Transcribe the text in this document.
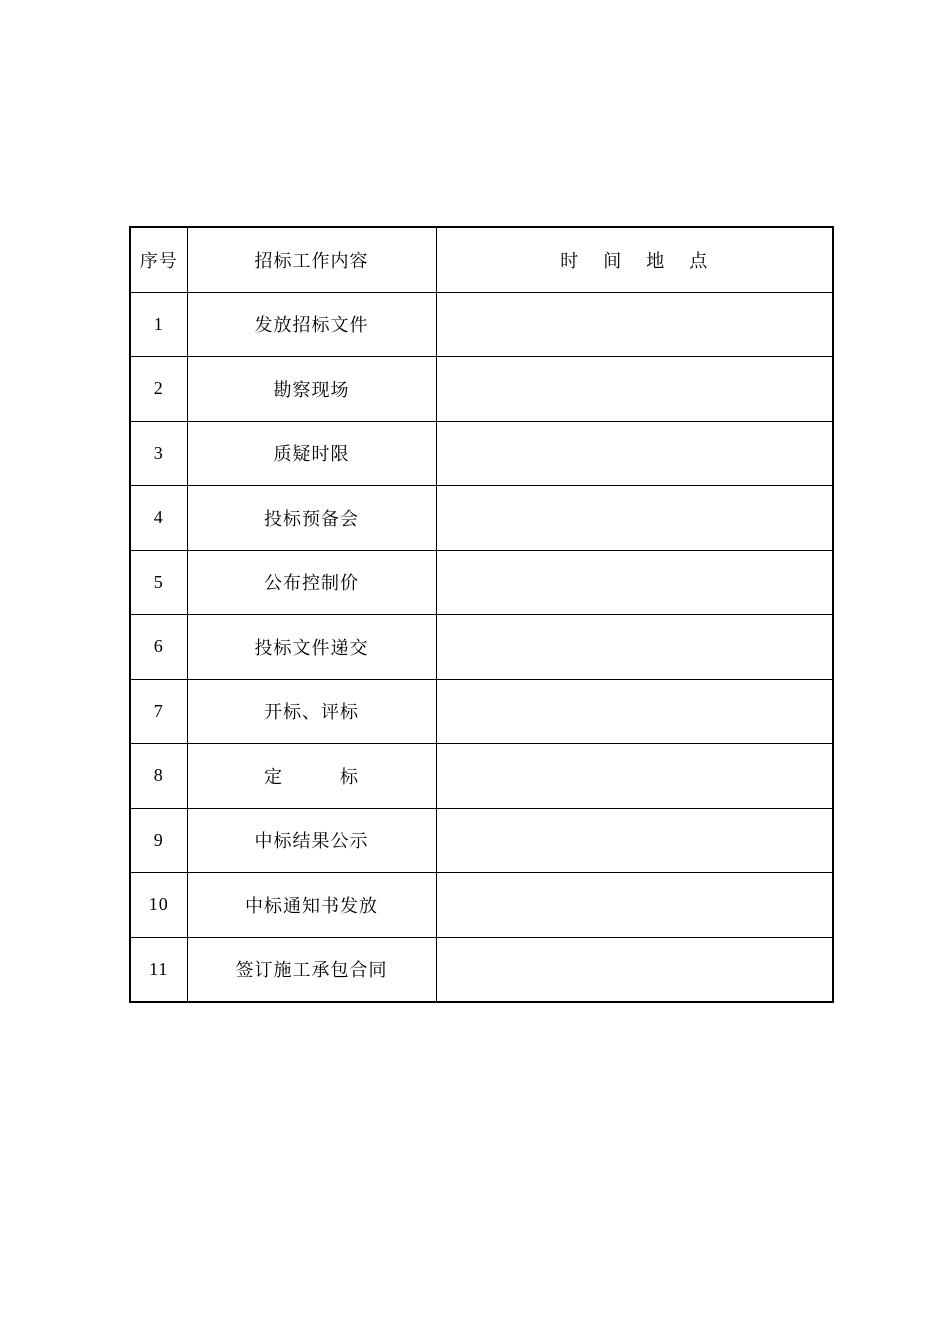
序号	招标工作内容	时 间 地 点
1	发放招标文件	
2	勘察现场	
3	质疑时限	
4	投标预备会	
5	公布控制价	
6	投标文件递交	
7	开标、评标	
8	定　　　标	
9	中标结果公示	
10	中标通知书发放	
11	签订施工承包合同	
